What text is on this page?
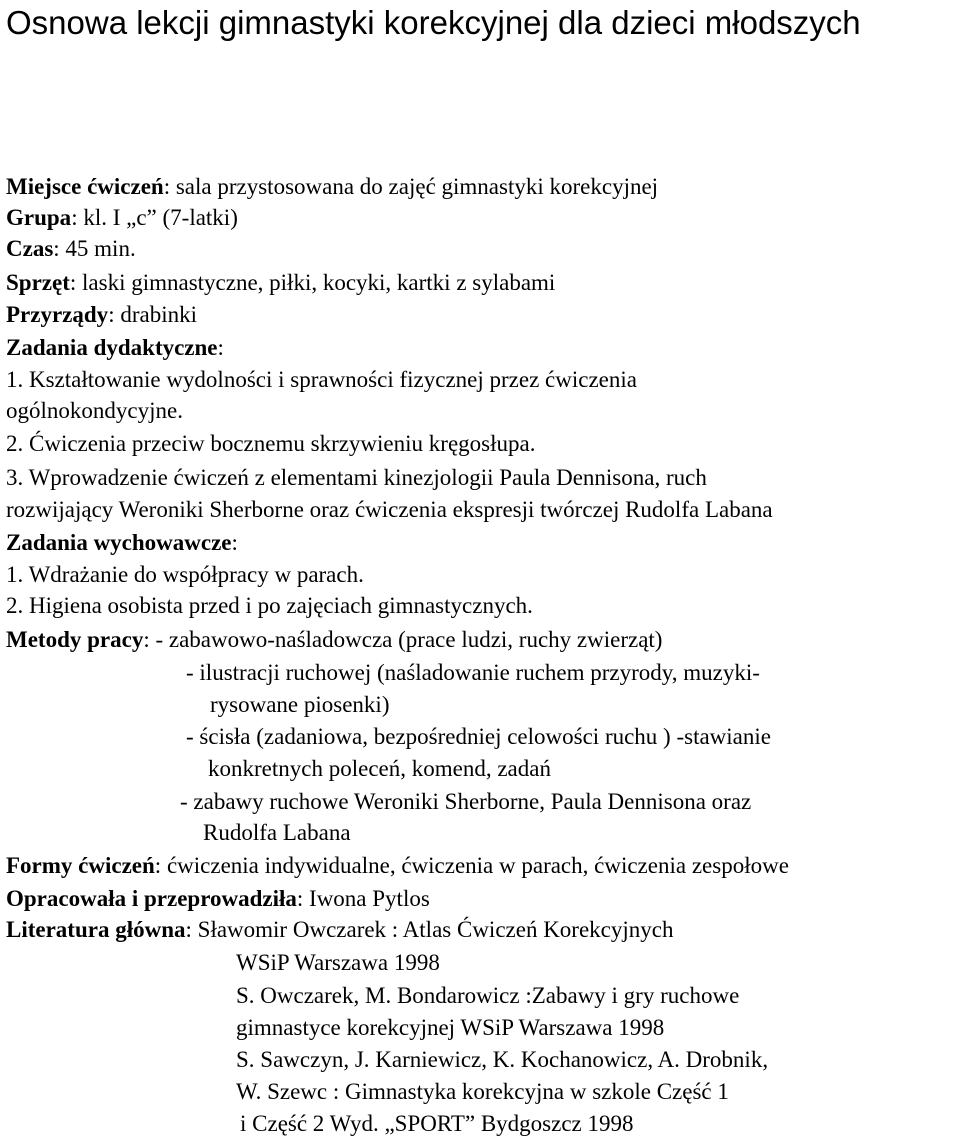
Osnowa lekcji gimnastyki korekcyjnej dla dzieci młodszych
Miejsce ćwiczeń: sala przystosowana do zajęć gimnastyki korekcyjnej
Grupa: kl. I „c” (7-latki)
Czas: 45 min.
Sprzęt: laski gimnastyczne, piłki, kocyki, kartki z sylabami
Przyrządy: drabinki
Zadania dydaktyczne:
1. Kształtowanie wydolności i sprawności fizycznej przez ćwiczenia
ogólnokondycyjne.
2. Ćwiczenia przeciw bocznemu skrzywieniu kręgosłupa.
3. Wprowadzenie ćwiczeń z elementami kinezjologii Paula Dennisona, ruch
rozwijający Weroniki Sherborne oraz ćwiczenia ekspresji twórczej Rudolfa Labana
Zadania wychowawcze:
1. Wdrażanie do współpracy w parach.
2. Higiena osobista przed i po zajęciach gimnastycznych.
Metody pracy: - zabawowo-naśladowcza (prace ludzi, ruchy zwierząt)
- ilustracji ruchowej (naśladowanie ruchem przyrody, muzyki-
rysowane piosenki)
- ścisła (zadaniowa, bezpośredniej celowości ruchu ) -stawianie
konkretnych poleceń, komend, zadań
- zabawy ruchowe Weroniki Sherborne, Paula Dennisona oraz
Rudolfa Labana
Formy ćwiczeń: ćwiczenia indywidualne, ćwiczenia w parach, ćwiczenia zespołowe
Opracowała i przeprowadziła: Iwona Pytlos
Literatura główna: Sławomir Owczarek : Atlas Ćwiczeń Korekcyjnych
WSiP Warszawa 1998
S. Owczarek, M. Bondarowicz :Zabawy i gry ruchowe
gimnastyce korekcyjnej WSiP Warszawa 1998
S. Sawczyn, J. Karniewicz, K. Kochanowicz, A. Drobnik,
W. Szewc : Gimnastyka korekcyjna w szkole Część 1
i Część 2 Wyd. „SPORT” Bydgoszcz 1998
